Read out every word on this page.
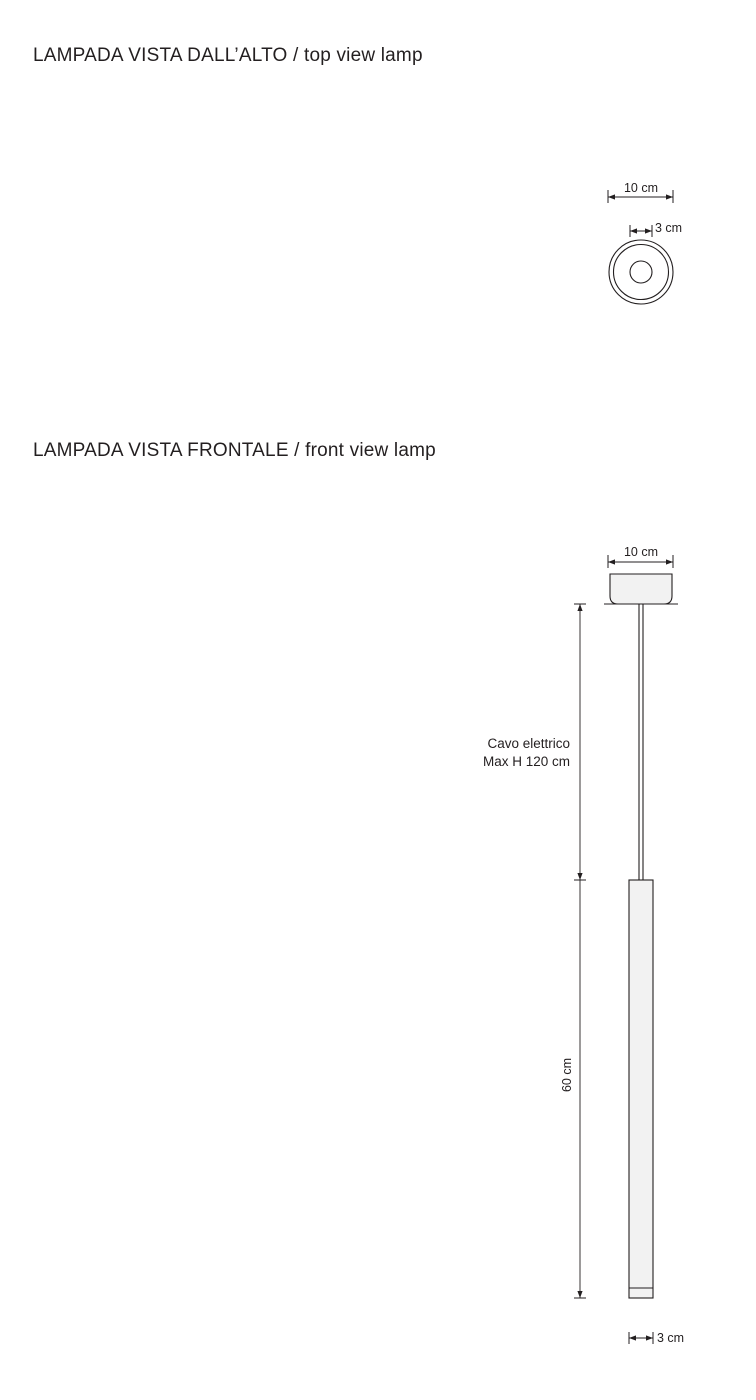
LAMPADA VISTA DALL’ALTO / top view lamp
LAMPADA VISTA FRONTALE / front view lamp
10 cm
3 cm
10 cm
Cavo elettrico
Max H 120 cm
60 cm
3 cm
